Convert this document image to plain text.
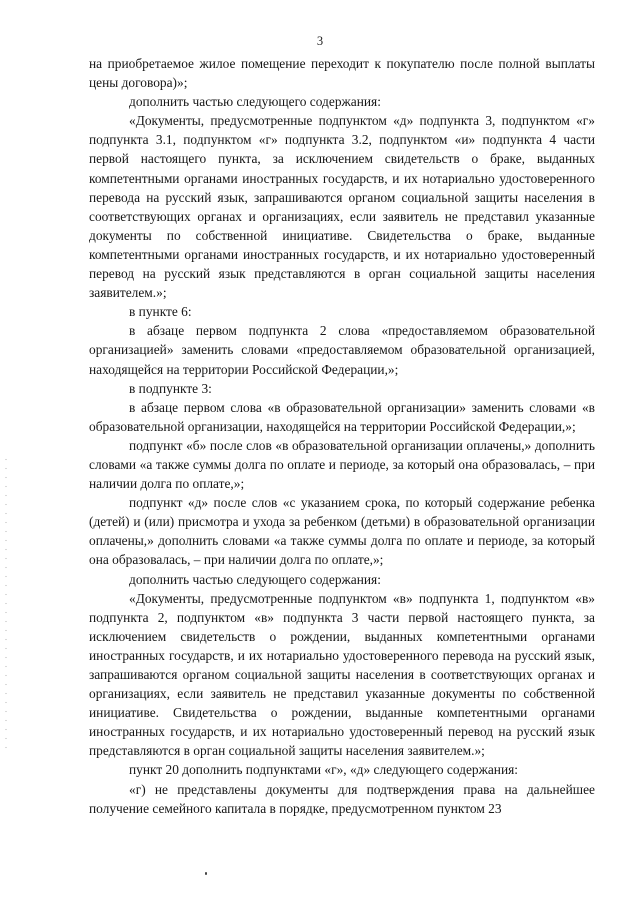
3

на приобретаемое жилое помещение переходит к покупателю после полной выплаты цены договора)»;

дополнить частью следующего содержания:

«Документы, предусмотренные подпунктом «д» подпункта 3, подпунктом «г» подпункта 3.1, подпунктом «г» подпункта 3.2, подпунктом «и» подпункта 4 части первой настоящего пункта, за исключением свидетельств о браке, выданных компетентными органами иностранных государств, и их нотариально удостоверенного перевода на русский язык, запрашиваются органом социальной защиты населения в соответствующих органах и организациях, если заявитель не представил указанные документы по собственной инициативе. Свидетельства о браке, выданные компетентными органами иностранных государств, и их нотариально удостоверенный перевод на русский язык представляются в орган социальной защиты населения заявителем.»;

в пункте 6:

в абзаце первом подпункта 2 слова «предоставляемом образовательной организацией» заменить словами «предоставляемом образовательной организацией, находящейся на территории Российской Федерации,»;

в подпункте 3:

в абзаце первом слова «в образовательной организации» заменить словами «в образовательной организации, находящейся на территории Российской Федерации,»;

подпункт «б» после слов «в образовательной организации оплачены,» дополнить словами «а также суммы долга по оплате и периоде, за который она образовалась, – при наличии долга по оплате,»;

подпункт «д» после слов «с указанием срока, по который содержание ребенка (детей) и (или) присмотра и ухода за ребенком (детьми) в образовательной организации оплачены,» дополнить словами «а также суммы долга по оплате и периоде, за который она образовалась, – при наличии долга по оплате,»;

дополнить частью следующего содержания:

«Документы, предусмотренные подпунктом «в» подпункта 1, подпунктом «в» подпункта 2, подпунктом «в» подпункта 3 части первой настоящего пункта, за исключением свидетельств о рождении, выданных компетентными органами иностранных государств, и их нотариально удостоверенного перевода на русский язык, запрашиваются органом социальной защиты населения в соответствующих органах и организациях, если заявитель не представил указанные документы по собственной инициативе. Свидетельства о рождении, выданные компетентными органами иностранных государств, и их нотариально удостоверенный перевод на русский язык представляются в орган социальной защиты населения заявителем.»;

пункт 20 дополнить подпунктами «г», «д» следующего содержания:

«г) не представлены документы для подтверждения права на дальнейшее получение семейного капитала в порядке, предусмотренном пунктом 23
